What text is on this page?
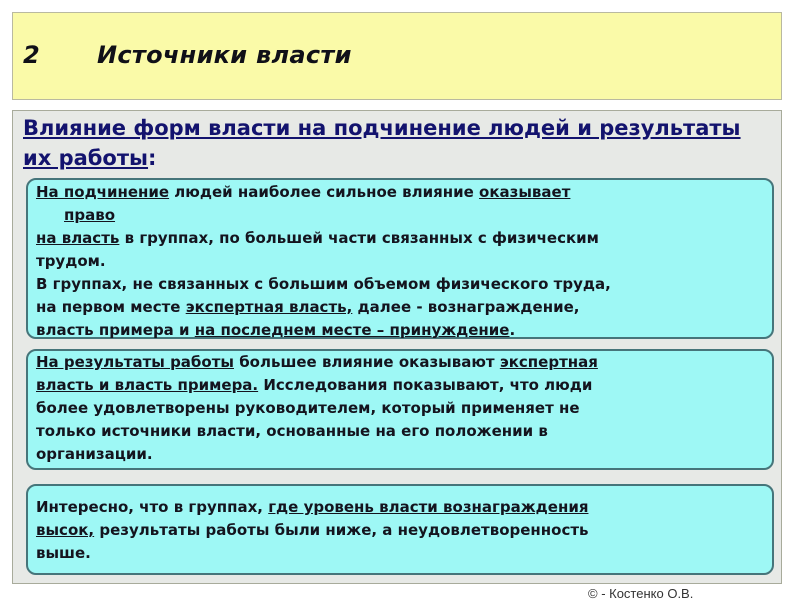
2 Источники власти
Влияние форм власти на подчинение людей и результаты их работы:

На подчинение людей наиболее сильное влияние оказывает

право

на власть в группах, по большей части связанных с физическим

трудом.

В группах, не связанных с большим объемом физического труда,

на первом месте экспертная власть, далее - вознаграждение,

власть примера и на последнем месте – принуждение.

На результаты работы большее влияние оказывают экспертная

власть и власть примера. Исследования показывают, что люди

более удовлетворены руководителем, который применяет не

только источники власти, основанные на его положении в

организации.

Интересно, что в группах, где уровень власти вознаграждения

высок, результаты работы были ниже, а неудовлетворенность

выше.

© - Костенко О.В.
